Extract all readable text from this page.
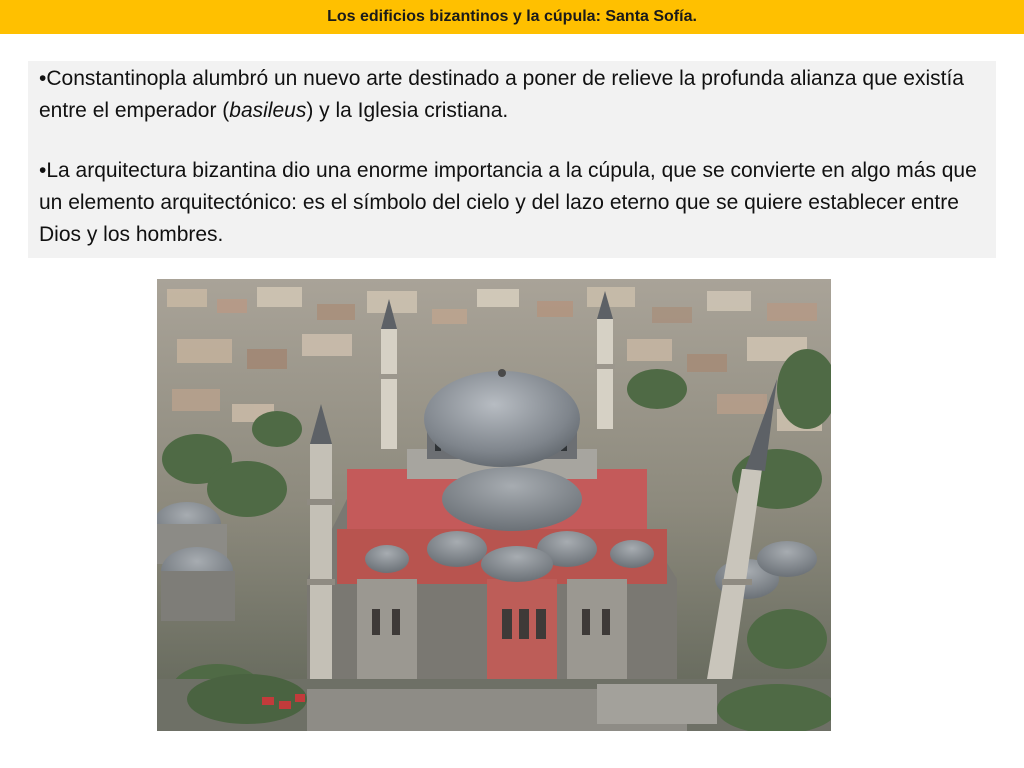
Los edificios bizantinos y la cúpula: Santa Sofía.

•Constantinopla alumbró un nuevo arte destinado a poner de relieve la profunda alianza que existía entre el emperador (basileus) y la Iglesia cristiana.

•La arquitectura bizantina dio una enorme importancia a la cúpula, que se convierte en algo más que un elemento arquitectónico: es el símbolo del cielo y del lazo eterno que se quiere establecer entre Dios y los hombres.
